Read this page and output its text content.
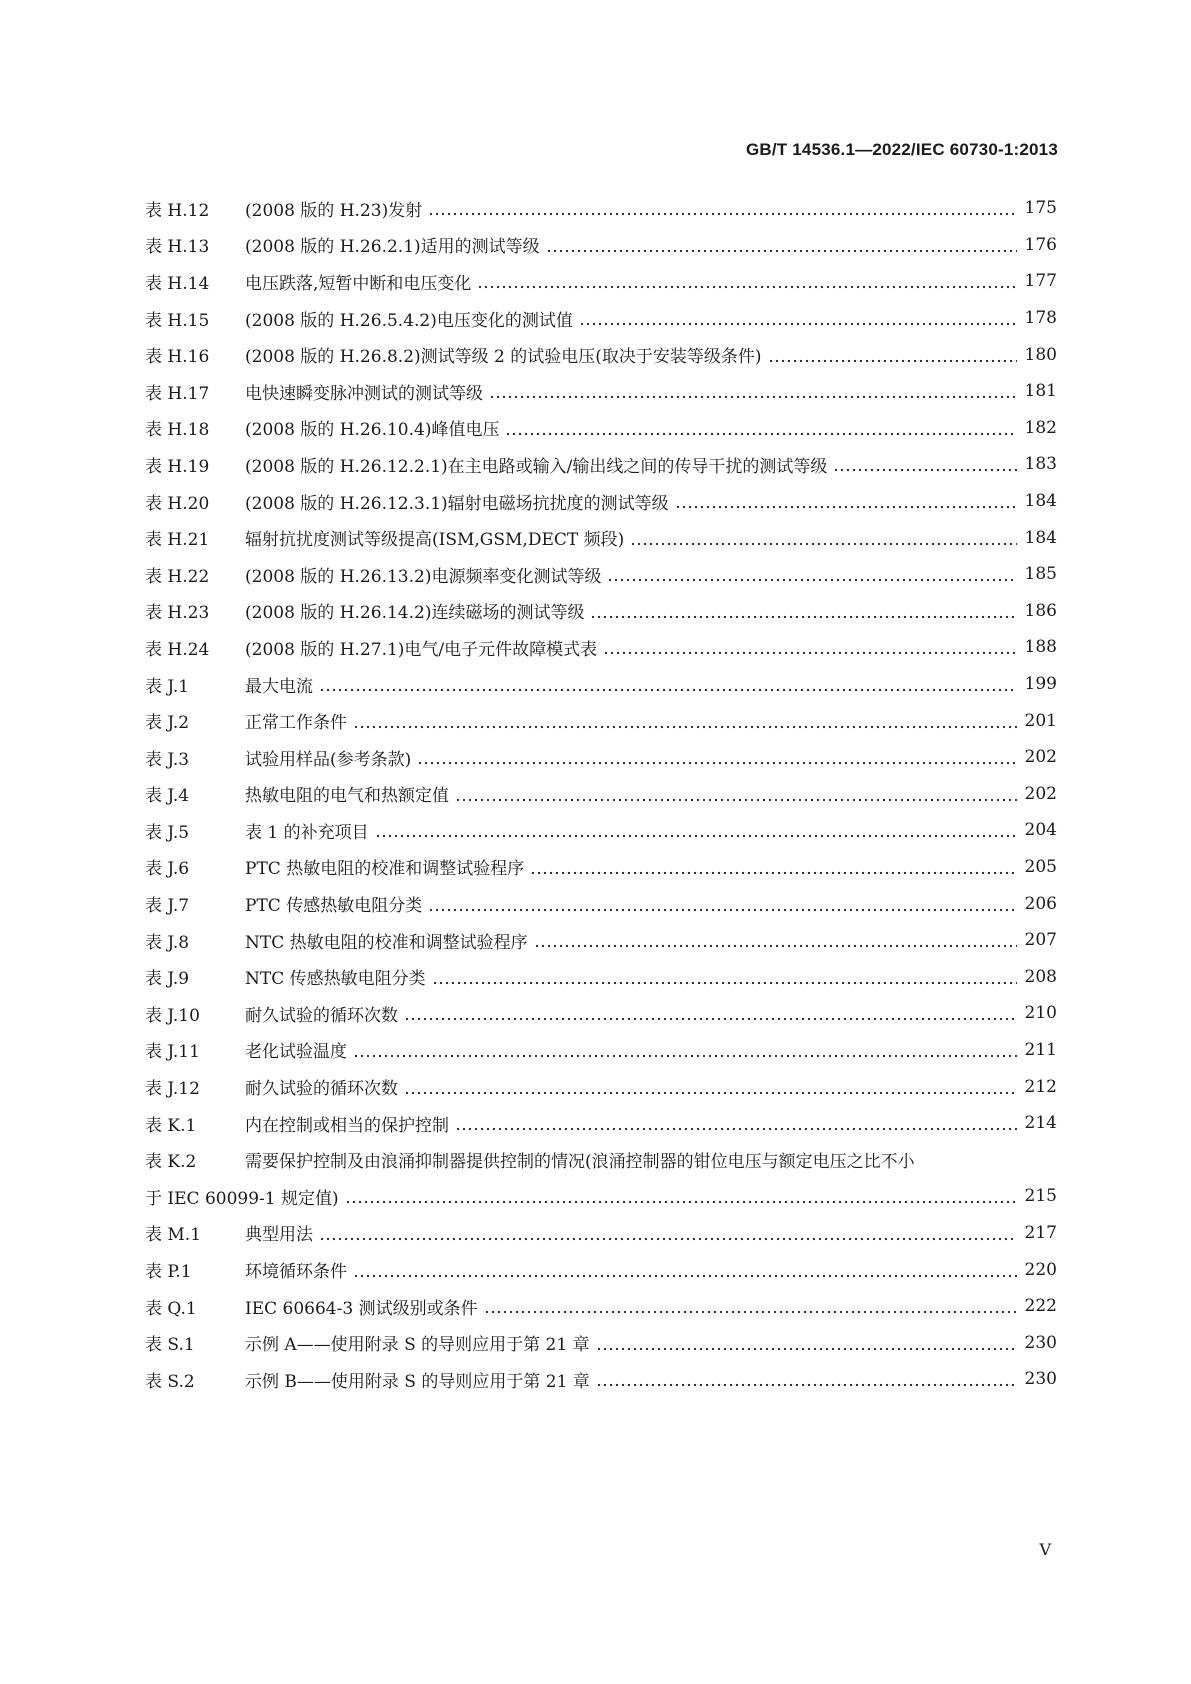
GB/T 14536.1—2022/IEC 60730-1:2013
表 H.12	(2008 版的 H.23)发射	175
表 H.13	(2008 版的 H.26.2.1)适用的测试等级	176
表 H.14	电压跌落,短暂中断和电压变化	177
表 H.15	(2008 版的 H.26.5.4.2)电压变化的测试值	178
表 H.16	(2008 版的 H.26.8.2)测试等级 2 的试验电压(取决于安装等级条件)	180
表 H.17	电快速瞬变脉冲测试的测试等级	181
表 H.18	(2008 版的 H.26.10.4)峰值电压	182
表 H.19	(2008 版的 H.26.12.2.1)在主电路或输入/输出线之间的传导干扰的测试等级	183
表 H.20	(2008 版的 H.26.12.3.1)辐射电磁场抗扰度的测试等级	184
表 H.21	辐射抗扰度测试等级提高(ISM,GSM,DECT 频段)	184
表 H.22	(2008 版的 H.26.13.2)电源频率变化测试等级	185
表 H.23	(2008 版的 H.26.14.2)连续磁场的测试等级	186
表 H.24	(2008 版的 H.27.1)电气/电子元件故障模式表	188
表 J.1	最大电流	199
表 J.2	正常工作条件	201
表 J.3	试验用样品(参考条款)	202
表 J.4	热敏电阻的电气和热额定值	202
表 J.5	表 1 的补充项目	204
表 J.6	PTC 热敏电阻的校准和调整试验程序	205
表 J.7	PTC 传感热敏电阻分类	206
表 J.8	NTC 热敏电阻的校准和调整试验程序	207
表 J.9	NTC 传感热敏电阻分类	208
表 J.10	耐久试验的循环次数	210
表 J.11	老化试验温度	211
表 J.12	耐久试验的循环次数	212
表 K.1	内在控制或相当的保护控制	214
表 K.2	需要保护控制及由浪涌抑制器提供控制的情况(浪涌控制器的钳位电压与额定电压之比不小
于 IEC 60099-1 规定值)	215
表 M.1	典型用法	217
表 P.1	环境循环条件	220
表 Q.1	IEC 60664-3 测试级别或条件	222
表 S.1	示例 A——使用附录 S 的导则应用于第 21 章	230
表 S.2	示例 B——使用附录 S 的导则应用于第 21 章	230
V
